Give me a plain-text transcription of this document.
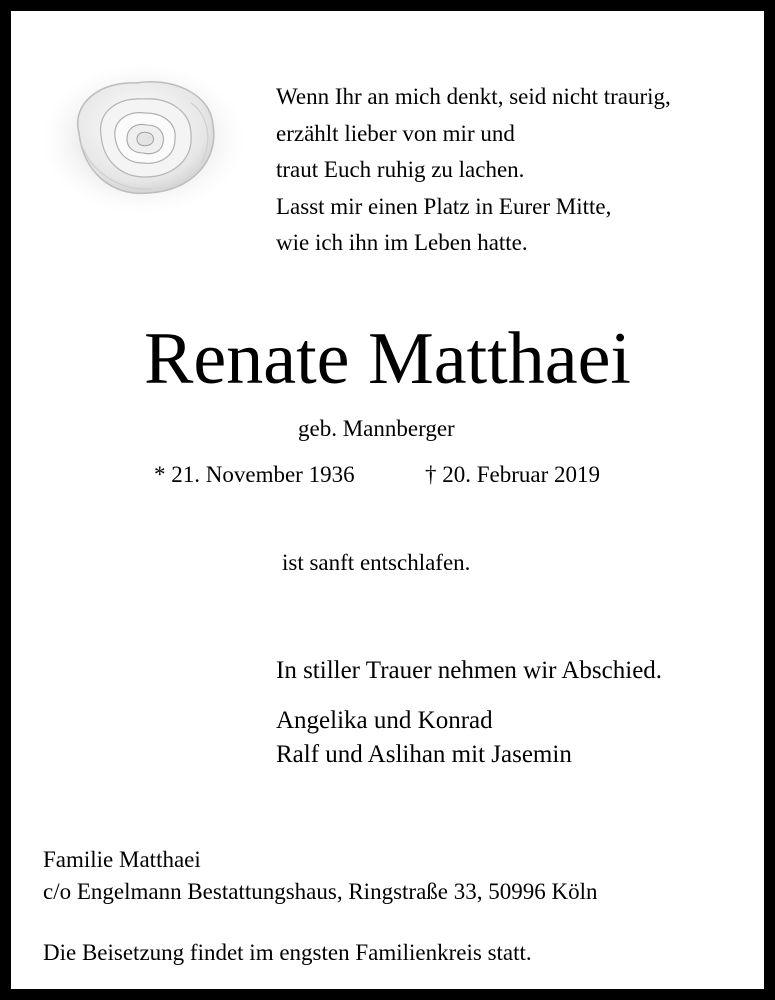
Wenn Ihr an mich denkt, seid nicht traurig,
erzählt lieber von mir und
traut Euch ruhig zu lachen.
Lasst mir einen Platz in Eurer Mitte,
wie ich ihn im Leben hatte.
Renate Matthaei
geb. Mannberger
* 21. November 1936	† 20. Februar 2019
ist sanft entschlafen.
In stiller Trauer nehmen wir Abschied.
Angelika und Konrad
Ralf und Aslihan mit Jasemin
Familie Matthaei
c/o Engelmann Bestattungshaus, Ringstraße 33, 50996 Köln
Die Beisetzung findet im engsten Familienkreis statt.
